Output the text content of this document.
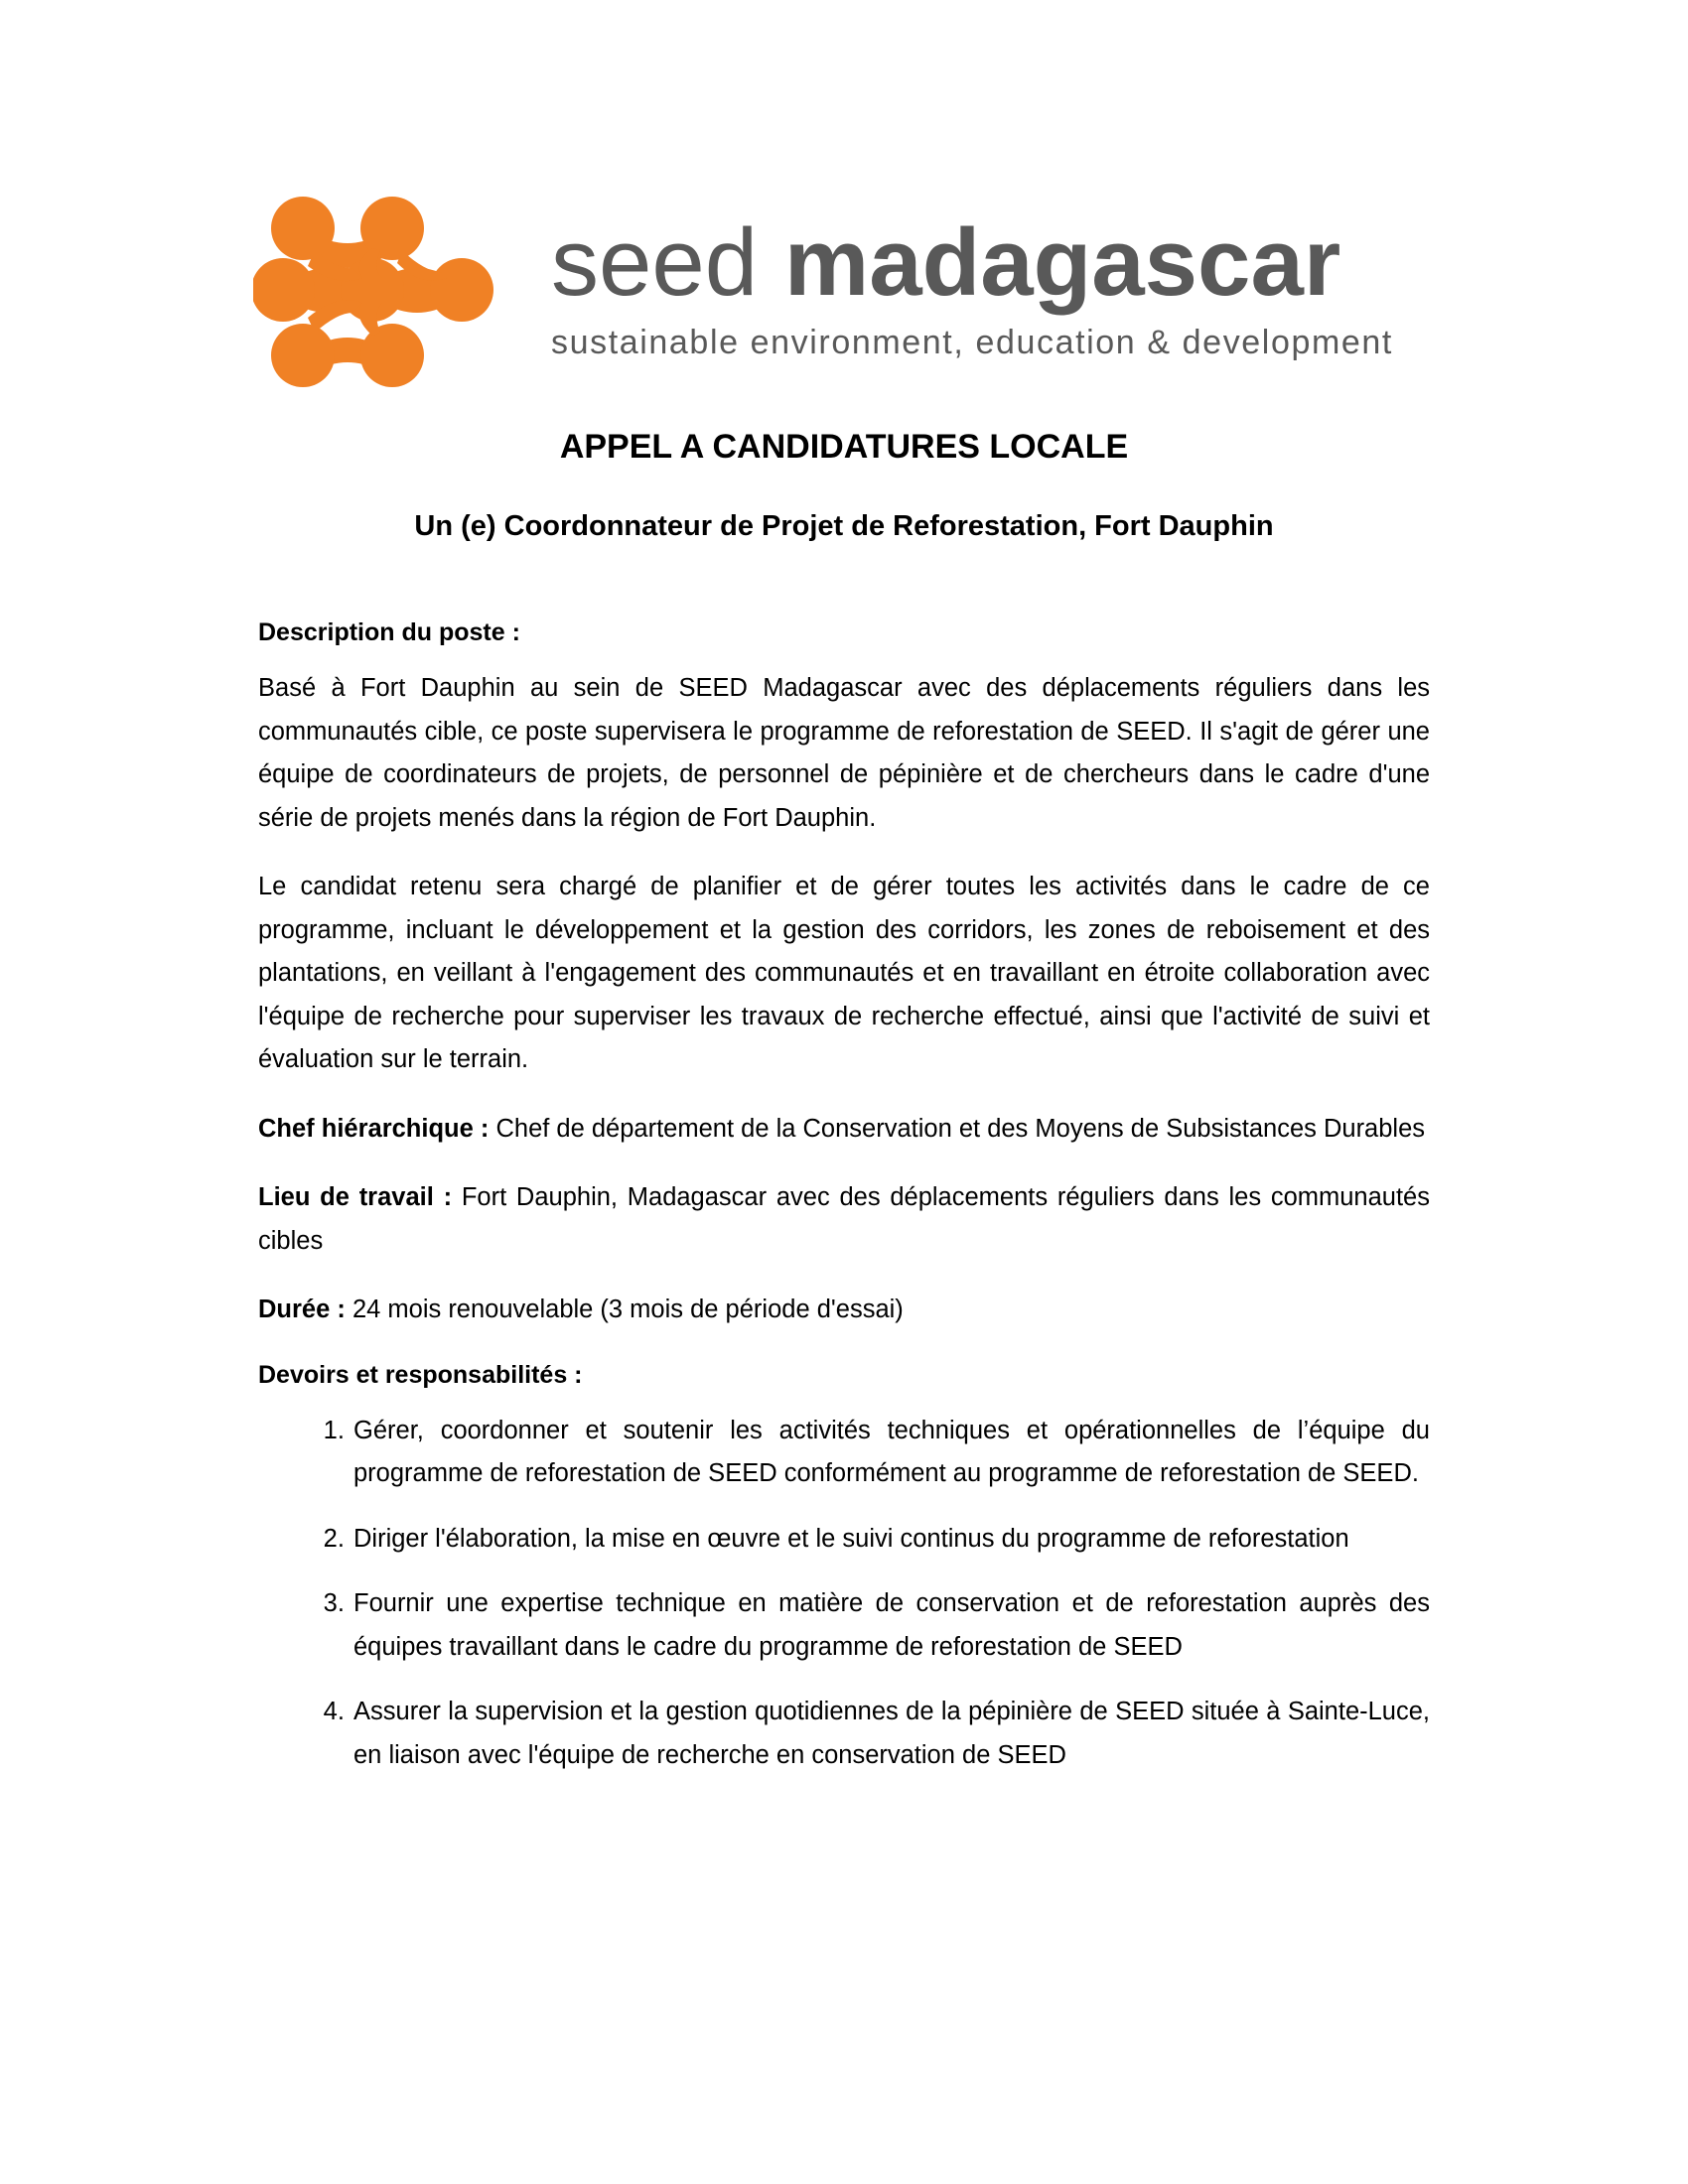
seed madagascar
sustainable environment, education & development
APPEL A CANDIDATURES LOCALE
Un (e) Coordonnateur de Projet de Reforestation, Fort Dauphin
Description du poste :

Basé à Fort Dauphin au sein de SEED Madagascar avec des déplacements réguliers dans les communautés cible, ce poste supervisera le programme de reforestation de SEED. Il s'agit de gérer une équipe de coordinateurs de projets, de personnel de pépinière et de chercheurs dans le cadre d'une série de projets menés dans la région de Fort Dauphin.

Le candidat retenu sera chargé de planifier et de gérer toutes les activités dans le cadre de ce programme, incluant le développement et la gestion des corridors, les zones de reboisement et des plantations, en veillant à l'engagement des communautés et en travaillant en étroite collaboration avec l'équipe de recherche pour superviser les travaux de recherche effectué, ainsi que l'activité de suivi et évaluation sur le terrain.

Chef hiérarchique : Chef de département de la Conservation et des Moyens de Subsistances Durables

Lieu de travail : Fort Dauphin, Madagascar avec des déplacements réguliers dans les communautés cibles

Durée : 24 mois renouvelable (3 mois de période d'essai)

Devoirs et responsabilités :
1. Gérer, coordonner et soutenir les activités techniques et opérationnelles de l’équipe du programme de reforestation de SEED conformément au programme de reforestation de SEED.
2. Diriger l'élaboration, la mise en œuvre et le suivi continus du programme de reforestation
3. Fournir une expertise technique en matière de conservation et de reforestation auprès des équipes travaillant dans le cadre du programme de reforestation de SEED
4. Assurer la supervision et la gestion quotidiennes de la pépinière de SEED située à Sainte-Luce, en liaison avec l'équipe de recherche en conservation de SEED
